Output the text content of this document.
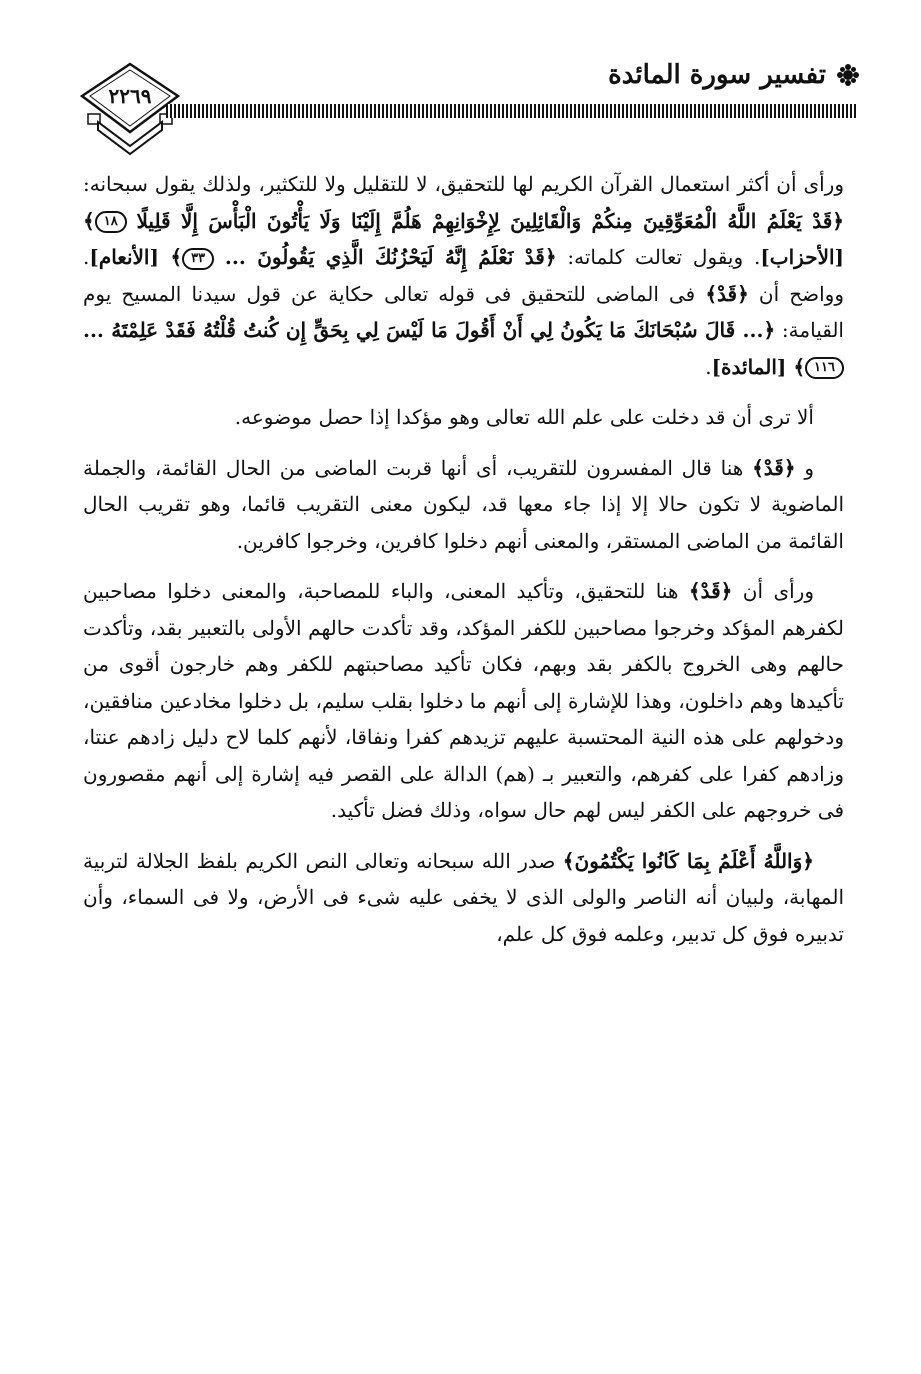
٢٢٦٩
تفسير سورة المائدة

ورأى أن أكثر استعمال القرآن الكريم لها للتحقيق، لا للتقليل ولا للتكثير، ولذلك يقول سبحانه: ﴿قَدْ يَعْلَمُ اللَّهُ الْمُعَوِّقِينَ مِنكُمْ وَالْقَائِلِينَ لِإِخْوَانِهِمْ هَلُمَّ إِلَيْنَا وَلَا يَأْتُونَ الْبَأْسَ إِلَّا قَلِيلًا ١٨﴾ [الأحزاب]. ويقول تعالت كلماته: ﴿قَدْ نَعْلَمُ إِنَّهُ لَيَحْزُنُكَ الَّذِي يَقُولُونَ ... ٣٣﴾ [الأنعام]. وواضح أن ﴿قَدْ﴾ فى الماضى للتحقيق فى قوله تعالى حكاية عن قول سيدنا المسيح يوم القيامة: ﴿... قَالَ سُبْحَانَكَ مَا يَكُونُ لِي أَنْ أَقُولَ مَا لَيْسَ لِي بِحَقٍّ إِن كُنتُ قُلْتُهُ فَقَدْ عَلِمْتَهُ ... ١١٦﴾ [المائدة].

ألا ترى أن قد دخلت على علم الله تعالى وهو مؤكدا إذا حصل موضوعه.

و ﴿قَدْ﴾ هنا قال المفسرون للتقريب، أى أنها قربت الماضى من الحال القائمة، والجملة الماضوية لا تكون حالا إلا إذا جاء معها قد، ليكون معنى التقريب قائما، وهو تقريب الحال القائمة من الماضى المستقر، والمعنى أنهم دخلوا كافرين، وخرجوا كافرين.

ورأى أن ﴿قَدْ﴾ هنا للتحقيق، وتأكيد المعنى، والباء للمصاحبة، والمعنى دخلوا مصاحبين لكفرهم المؤكد وخرجوا مصاحبين للكفر المؤكد، وقد تأكدت حالهم الأولى بالتعبير بقد، وتأكدت حالهم وهى الخروج بالكفر بقد وبهم، فكان تأكيد مصاحبتهم للكفر وهم خارجون أقوى من تأكيدها وهم داخلون، وهذا للإشارة إلى أنهم ما دخلوا بقلب سليم، بل دخلوا مخادعين منافقين، ودخولهم على هذه النية المحتسبة عليهم تزيدهم كفرا ونفاقا، لأنهم كلما لاح دليل زادهم عنتا، وزادهم كفرا على كفرهم، والتعبير بـ (هم) الدالة على القصر فيه إشارة إلى أنهم مقصورون فى خروجهم على الكفر ليس لهم حال سواه، وذلك فضل تأكيد.

﴿وَاللَّهُ أَعْلَمُ بِمَا كَانُوا يَكْتُمُونَ﴾ صدر الله سبحانه وتعالى النص الكريم بلفظ الجلالة لتربية المهابة، ولبيان أنه الناصر والولى الذى لا يخفى عليه شىء فى الأرض، ولا فى السماء، وأن تدبيره فوق كل تدبير، وعلمه فوق كل علم،
